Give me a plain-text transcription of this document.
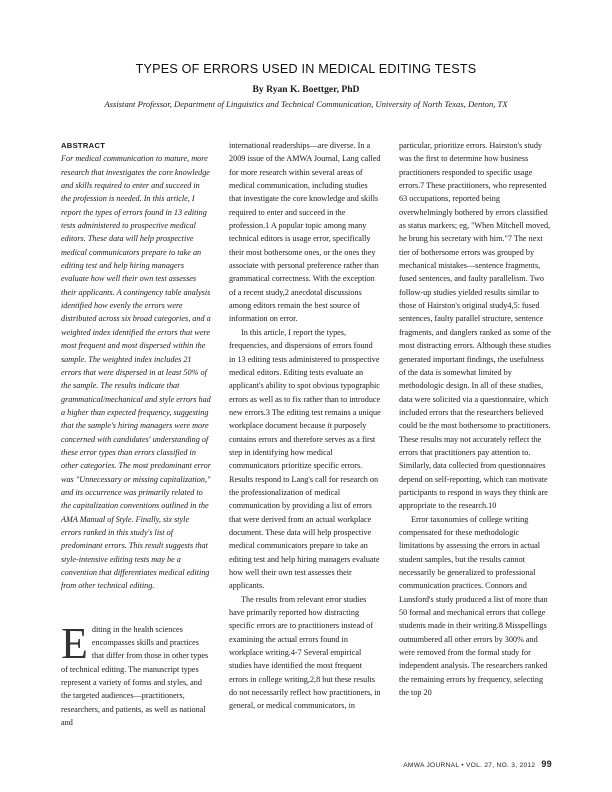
TYPES OF ERRORS USED IN MEDICAL EDITING TESTS
By Ryan K. Boettger, PhD
Assistant Professor, Department of Linguistics and Technical Communication, University of North Texas, Denton, TX

ABSTRACT

For medical communication to mature, more research that investigates the core knowledge and skills required to enter and succeed in the profession is needed. In this article, I report the types of errors found in 13 editing tests administered to prospective medical editors. These data will help prospective medical communicators prepare to take an editing test and help hiring managers evaluate how well their own test assesses their applicants. A contingency table analysis identified how evenly the errors were distributed across six broad categories, and a weighted index identified the errors that were most frequent and most dispersed within the sample. The weighted index includes 21 errors that were dispersed in at least 50% of the sample. The results indicate that grammatical/mechanical and style errors had a higher than expected frequency, suggesting that the sample's hiring managers were more concerned with candidates' understanding of these error types than errors classified in other categories. The most predominant error was "Unnecessary or missing capitalization," and its occurrence was primarily related to the capitalization conventions outlined in the AMA Manual of Style. Finally, six style errors ranked in this study's list of predominant errors. This result suggests that style-intensive editing tests may be a convention that differentiates medical editing from other technical editing.

Editing in the health sciences encompasses skills and practices that differ from those in other types of technical editing. The manuscript types represent a variety of forms and styles, and the targeted audiences—practitioners, researchers, and patients, as well as national and

international readerships—are diverse. In a 2009 issue of the AMWA Journal, Lang called for more research within several areas of medical communication, including studies that investigate the core knowledge and skills required to enter and succeed in the profession.1 A popular topic among many technical editors is usage error, specifically their most bothersome ones, or the ones they associate with personal preference rather than grammatical correctness. With the exception of a recent study,2 anecdotal discussions among editors remain the best source of information on error.

In this article, I report the types, frequencies, and dispersions of errors found in 13 editing tests administered to prospective medical editors. Editing tests evaluate an applicant's ability to spot obvious typographic errors as well as to fix rather than to introduce new errors.3 The editing test remains a unique workplace document because it purposely contains errors and therefore serves as a first step in identifying how medical communicators prioritize specific errors. Results respond to Lang's call for research on the professionalization of medical communication by providing a list of errors that were derived from an actual workplace document. These data will help prospective medical communicators prepare to take an editing test and help hiring managers evaluate how well their own test assesses their applicants.

The results from relevant error studies have primarily reported how distracting specific errors are to practitioners instead of examining the actual errors found in workplace writing.4-7 Several empirical studies have identified the most frequent errors in college writing,2,8 but these results do not necessarily reflect how practitioners, in general, or medical communicators, in

particular, prioritize errors. Hairston's study was the first to determine how business practitioners responded to specific usage errors.7 These practitioners, who represented 63 occupations, reported being overwhelmingly bothered by errors classified as status markers; eg, "When Mitchell moved, he brung his secretary with him."7 The next tier of bothersome errors was grouped by mechanical mistakes—sentence fragments, fused sentences, and faulty parallelism. Two follow-up studies yielded results similar to those of Hairston's original study4,5: fused sentences, faulty parallel structure, sentence fragments, and danglers ranked as some of the most distracting errors. Although these studies generated important findings, the usefulness of the data is somewhat limited by methodologic design. In all of these studies, data were solicited via a questionnaire, which included errors that the researchers believed could be the most bothersome to practitioners. These results may not accurately reflect the errors that practitioners pay attention to. Similarly, data collected from questionnaires depend on self-reporting, which can motivate participants to respond in ways they think are appropriate to the research.10

Error taxonomies of college writing compensated for these methodologic limitations by assessing the errors in actual student samples, but the results cannot necessarily be generalized to professional communication practices. Connors and Lunsford's study produced a list of more than 50 formal and mechanical errors that college students made in their writing.8 Misspellings outnumbered all other errors by 300% and were removed from the formal study for independent analysis. The researchers ranked the remaining errors by frequency, selecting the top 20

AMWA JOURNAL • VOL. 27, NO. 3, 2012 99
